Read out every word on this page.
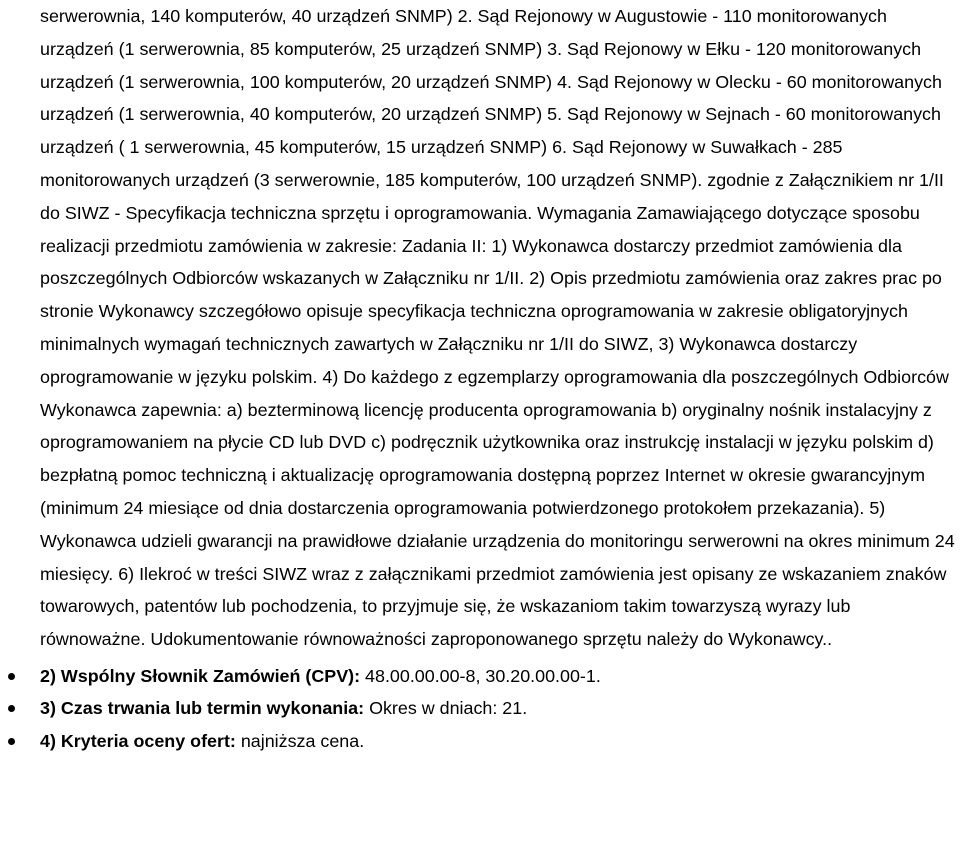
serwerownia, 140 komputerów, 40 urządzeń SNMP) 2. Sąd Rejonowy w Augustowie - 110 monitorowanych urządzeń (1 serwerownia, 85 komputerów, 25 urządzeń SNMP) 3. Sąd Rejonowy w Ełku - 120 monitorowanych urządzeń (1 serwerownia, 100 komputerów, 20 urządzeń SNMP) 4. Sąd Rejonowy w Olecku - 60 monitorowanych urządzeń (1 serwerownia, 40 komputerów, 20 urządzeń SNMP) 5. Sąd Rejonowy w Sejnach - 60 monitorowanych urządzeń ( 1 serwerownia, 45 komputerów, 15 urządzeń SNMP) 6. Sąd Rejonowy w Suwałkach - 285 monitorowanych urządzeń (3 serwerownie, 185 komputerów, 100 urządzeń SNMP). zgodnie z Załącznikiem nr 1/II do SIWZ - Specyfikacja techniczna sprzętu i oprogramowania. Wymagania Zamawiającego dotyczące sposobu realizacji przedmiotu zamówienia w zakresie: Zadania II: 1) Wykonawca dostarczy przedmiot zamówienia dla poszczególnych Odbiorców wskazanych w Załączniku nr 1/II. 2) Opis przedmiotu zamówienia oraz zakres prac po stronie Wykonawcy szczegółowo opisuje specyfikacja techniczna oprogramowania w zakresie obligatoryjnych minimalnych wymagań technicznych zawartych w Załączniku nr 1/II do SIWZ, 3) Wykonawca dostarczy oprogramowanie w języku polskim. 4) Do każdego z egzemplarzy oprogramowania dla poszczególnych Odbiorców Wykonawca zapewnia: a) bezterminową licencję producenta oprogramowania b) oryginalny nośnik instalacyjny z oprogramowaniem na płycie CD lub DVD c) podręcznik użytkownika oraz instrukcję instalacji w języku polskim d) bezpłatną pomoc techniczną i aktualizację oprogramowania dostępną poprzez Internet w okresie gwarancyjnym (minimum 24 miesiące od dnia dostarczenia oprogramowania potwierdzonego protokołem przekazania). 5) Wykonawca udzieli gwarancji na prawidłowe działanie urządzenia do monitoringu serwerowni na okres minimum 24 miesięcy. 6) Ilekroć w treści SIWZ wraz z załącznikami przedmiot zamówienia jest opisany ze wskazaniem znaków towarowych, patentów lub pochodzenia, to przyjmuje się, że wskazaniom takim towarzyszą wyrazy lub równoważne. Udokumentowanie równoważności zaproponowanego sprzętu należy do Wykonawcy..

2) Wspólny Słownik Zamówień (CPV): 48.00.00.00-8, 30.20.00.00-1.
3) Czas trwania lub termin wykonania: Okres w dniach: 21.
4) Kryteria oceny ofert: najniższa cena.
